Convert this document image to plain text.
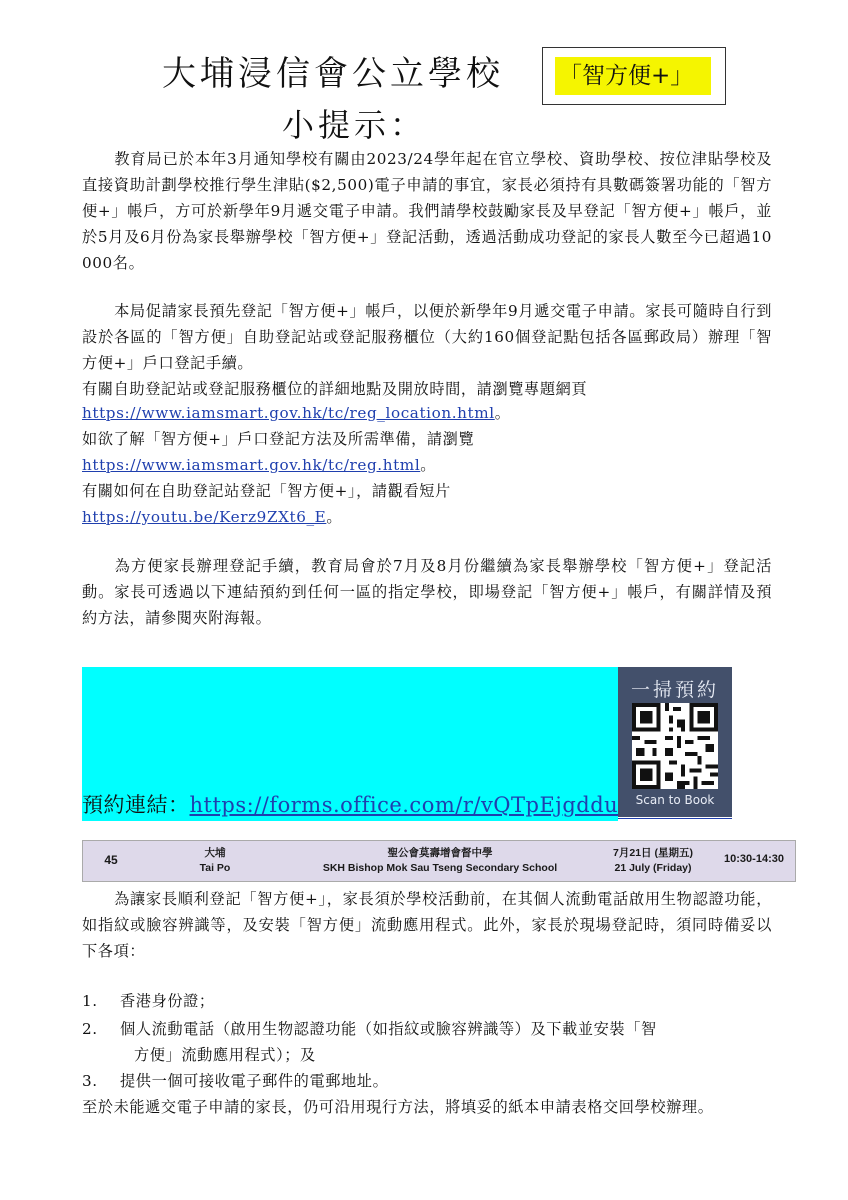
大埔浸信會公立學校
小提示：
「智方便+」

教育局已於本年3月通知學校有關由2023/24學年起在官立學校、資助學校、按位津貼學校及直接資助計劃學校推行學生津貼($2,500)電子申請的事宜，家長必須持有具數碼簽署功能的「智方便+」帳戶，方可於新學年9月遞交電子申請。我們請學校鼓勵家長及早登記「智方便+」帳戶，並於5月及6月份為家長舉辦學校「智方便+」登記活動，透過活動成功登記的家長人數至今已超過10 000名。

本局促請家長預先登記「智方便+」帳戶，以便於新學年9月遞交電子申請。家長可隨時自行到設於各區的「智方便」自助登記站或登記服務櫃位（大約160個登記點包括各區郵政局）辦理「智方便+」戶口登記手續。

有關自助登記站或登記服務櫃位的詳細地點及開放時間，請瀏覽專題網頁

https://www.iamsmart.gov.hk/tc/reg_location.html。

如欲了解「智方便+」戶口登記方法及所需準備，請瀏覽

https://www.iamsmart.gov.hk/tc/reg.html。

有關如何在自助登記站登記「智方便+」，請觀看短片

https://youtu.be/Kerz9ZXt6_E。

為方便家長辦理登記手續，教育局會於7月及8月份繼續為家長舉辦學校「智方便+」登記活動。家長可透過以下連結預約到任何一區的指定學校，即場登記「智方便+」帳戶，有關詳情及預約方法，請參閱夾附海報。

一掃預約
Scan to Book
預約連結：https://forms.office.com/r/vQTpEjgddu
45	大埔
Tai Po
聖公會莫壽增會督中學
SKH Bishop Mok Sau Tseng Secondary School
7月21日 (星期五)
21 July (Friday)
10:30-14:30

為讓家長順利登記「智方便+」，家長須於學校活動前，在其個人流動電話啟用生物認證功能，如指紋或臉容辨識等，及安裝「智方便」流動應用程式。此外，家長於現場登記時，須同時備妥以下各項：

1. 香港身份證；

2. 個人流動電話（啟用生物認證功能（如指紋或臉容辨識等）及下載並安裝「智

方便」流動應用程式）；及

3. 提供一個可接收電子郵件的電郵地址。

至於未能遞交電子申請的家長，仍可沿用現行方法，將填妥的紙本申請表格交回學校辦理。
